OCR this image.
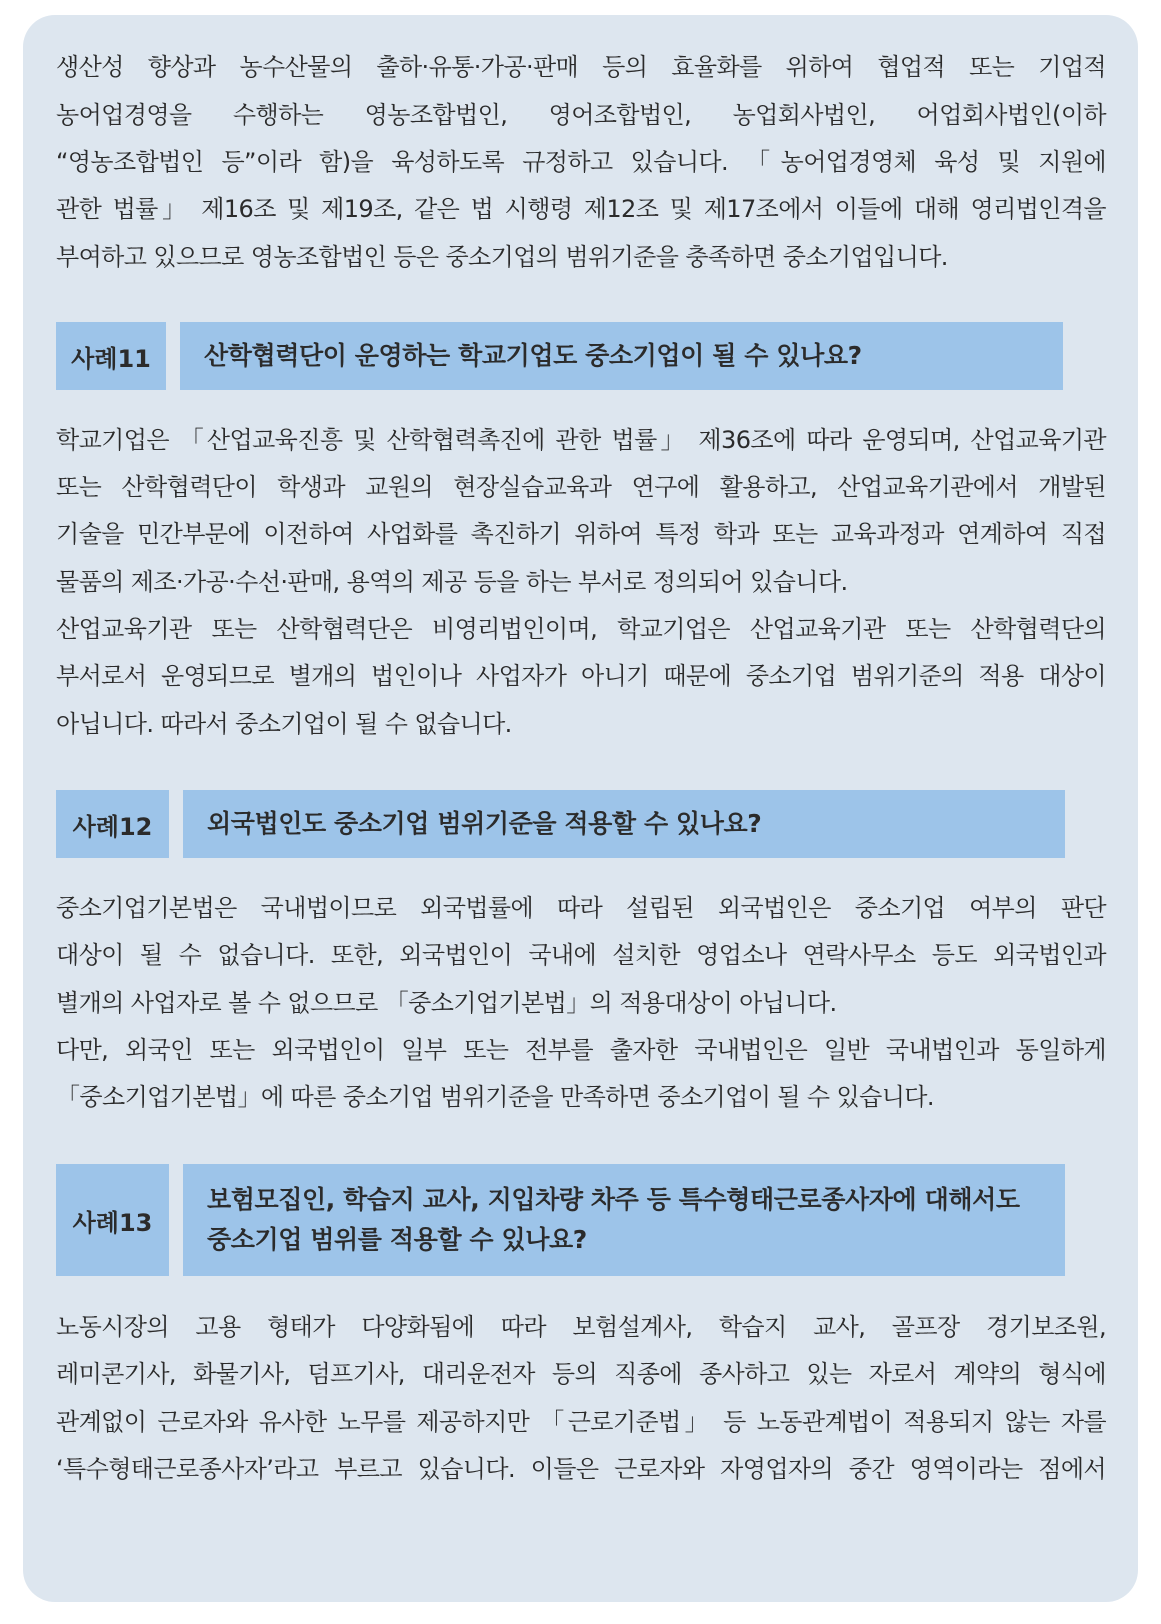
생산성 향상과 농수산물의 출하·유통·가공·판매 등의 효율화를 위하여 협업적 또는 기업적
농어업경영을 수행하는 영농조합법인, 영어조합법인, 농업회사법인, 어업회사법인(이하
“영농조합법인 등”이라 함)을 육성하도록 규정하고 있습니다. 「농어업경영체 육성 및 지원에
관한 법률」 제16조 및 제19조, 같은 법 시행령 제12조 및 제17조에서 이들에 대해 영리법인격을
부여하고 있으므로 영농조합법인 등은 중소기업의 범위기준을 충족하면 중소기업입니다.
사례11	산학협력단이 운영하는 학교기업도 중소기업이 될 수 있나요?
학교기업은 「산업교육진흥 및 산학협력촉진에 관한 법률」 제36조에 따라 운영되며, 산업교육기관
또는 산학협력단이 학생과 교원의 현장실습교육과 연구에 활용하고, 산업교육기관에서 개발된
기술을 민간부문에 이전하여 사업화를 촉진하기 위하여 특정 학과 또는 교육과정과 연계하여 직접
물품의 제조·가공·수선·판매, 용역의 제공 등을 하는 부서로 정의되어 있습니다.
산업교육기관 또는 산학협력단은 비영리법인이며, 학교기업은 산업교육기관 또는 산학협력단의
부서로서 운영되므로 별개의 법인이나 사업자가 아니기 때문에 중소기업 범위기준의 적용 대상이
아닙니다. 따라서 중소기업이 될 수 없습니다.
사례12	외국법인도 중소기업 범위기준을 적용할 수 있나요?
중소기업기본법은 국내법이므로 외국법률에 따라 설립된 외국법인은 중소기업 여부의 판단
대상이 될 수 없습니다. 또한, 외국법인이 국내에 설치한 영업소나 연락사무소 등도 외국법인과
별개의 사업자로 볼 수 없으므로 「중소기업기본법」의 적용대상이 아닙니다.
다만, 외국인 또는 외국법인이 일부 또는 전부를 출자한 국내법인은 일반 국내법인과 동일하게
「중소기업기본법」에 따른 중소기업 범위기준을 만족하면 중소기업이 될 수 있습니다.
사례13
보험모집인, 학습지 교사, 지입차량 차주 등 특수형태근로종사자에 대해서도
중소기업 범위를 적용할 수 있나요?
노동시장의 고용 형태가 다양화됨에 따라 보험설계사, 학습지 교사, 골프장 경기보조원,
레미콘기사, 화물기사, 덤프기사, 대리운전자 등의 직종에 종사하고 있는 자로서 계약의 형식에
관계없이 근로자와 유사한 노무를 제공하지만 「근로기준법」 등 노동관계법이 적용되지 않는 자를
‘특수형태근로종사자’라고 부르고 있습니다. 이들은 근로자와 자영업자의 중간 영역이라는 점에서
